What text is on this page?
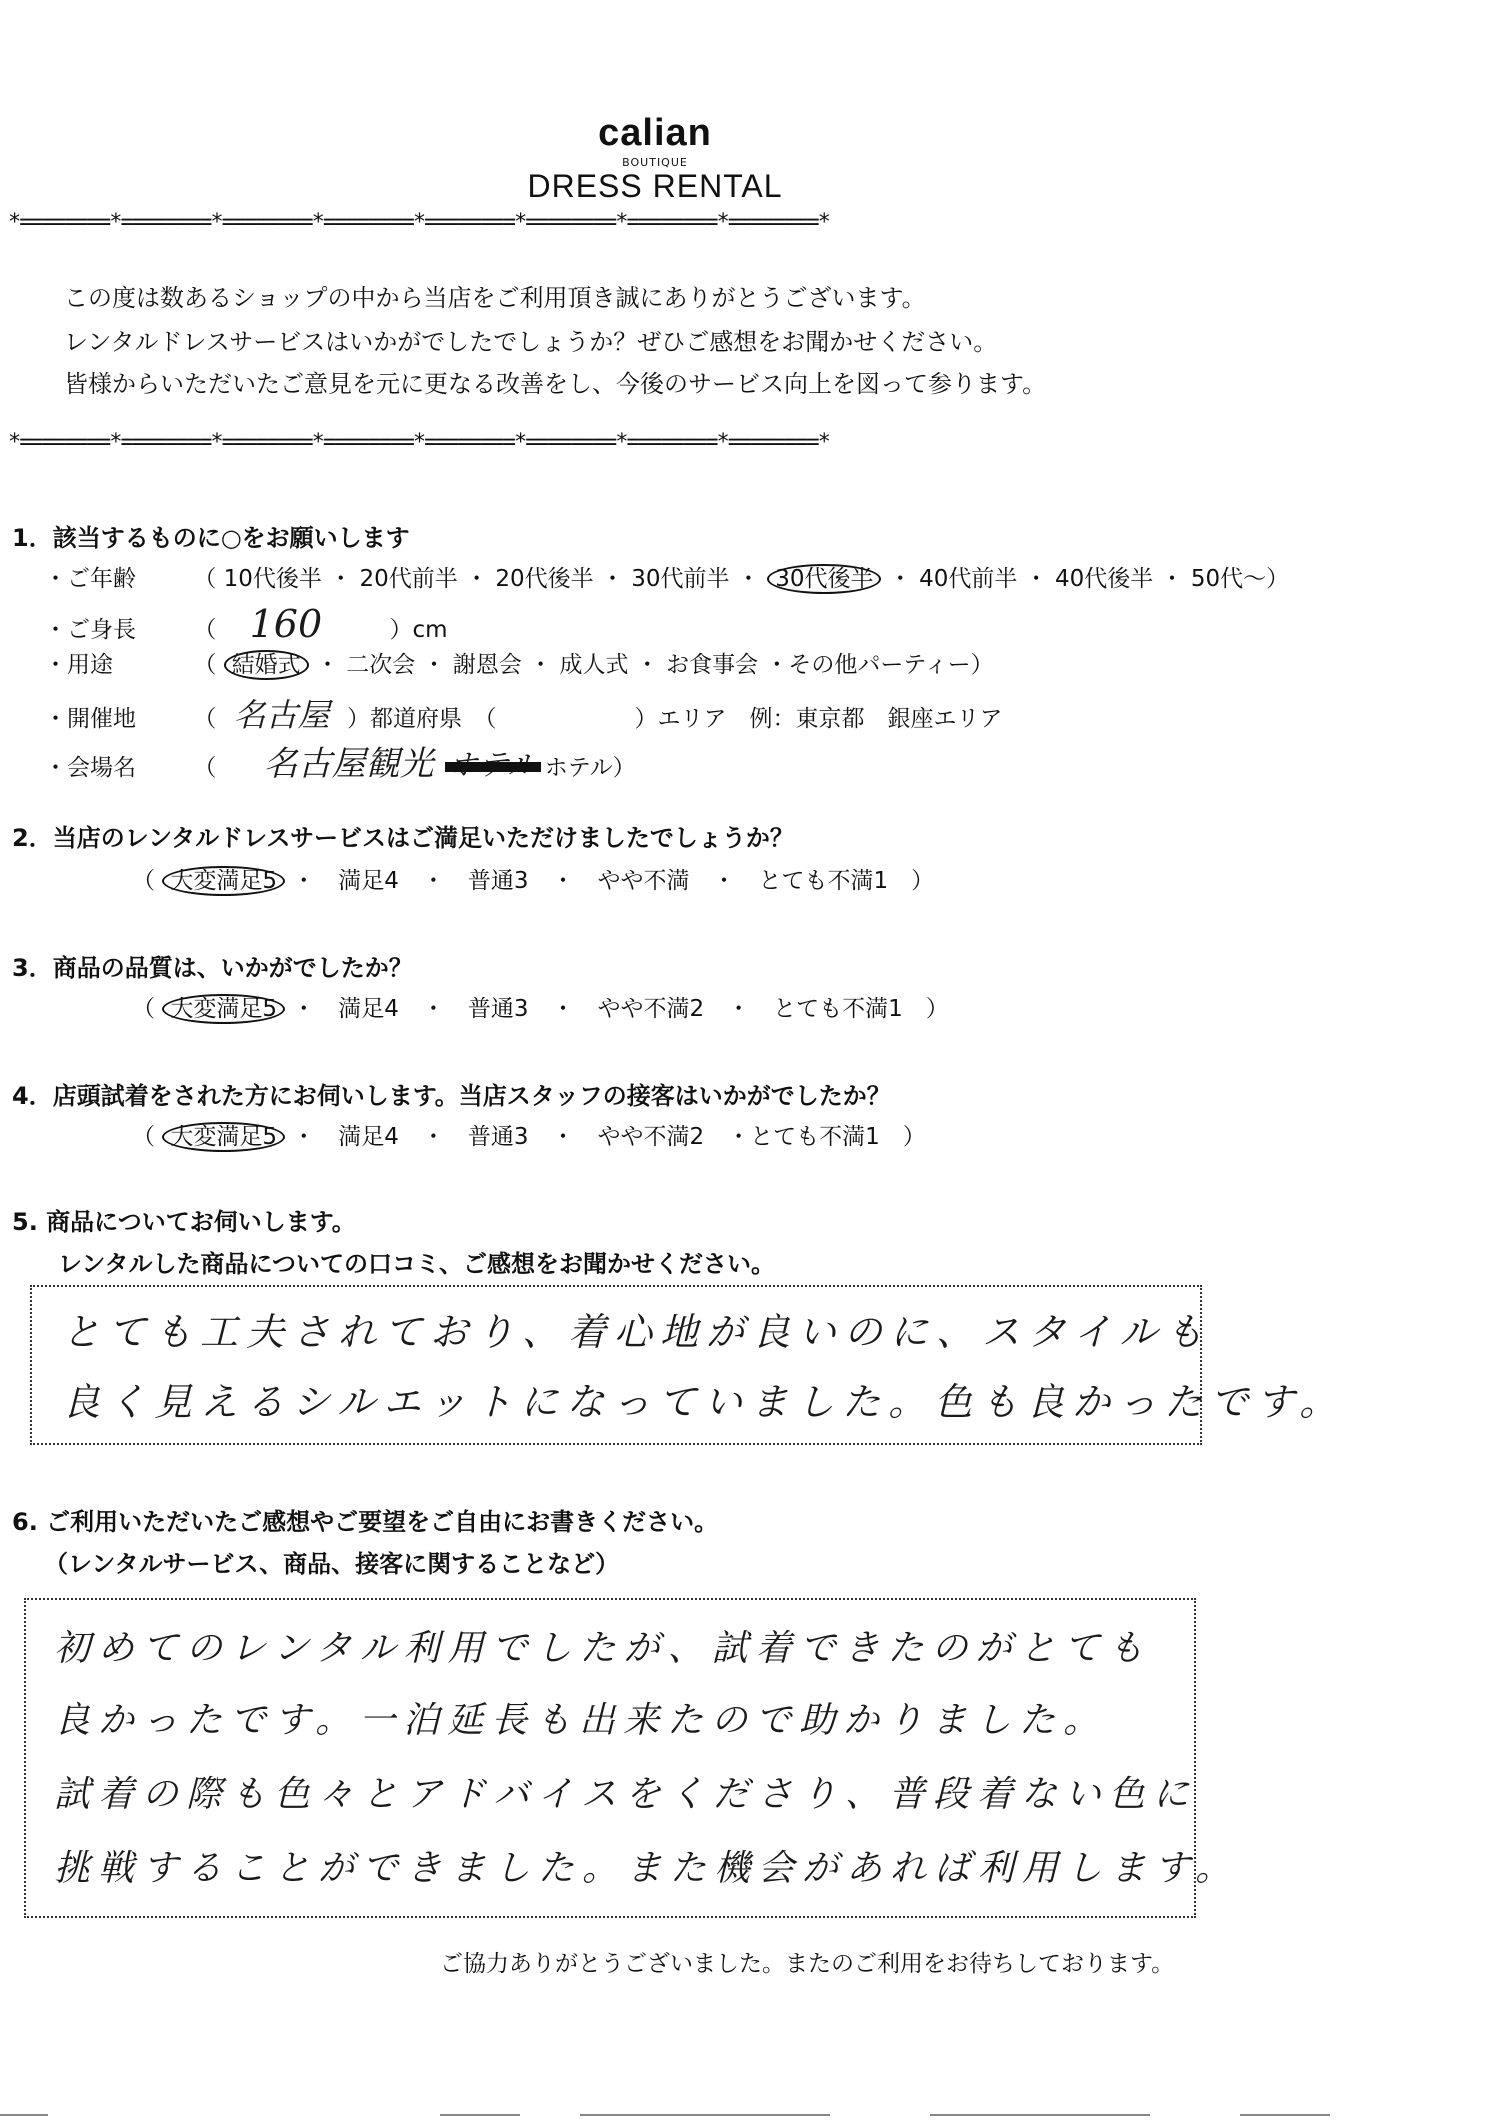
calian
BOUTIQUE
DRESS RENTAL
*========*========*========*========*========*========*========*========*
この度は数あるショップの中から当店をご利用頂き誠にありがとうございます。
レンタルドレスサービスはいかがでしたでしょうか？ぜひご感想をお聞かせください。
皆様からいただいたご意見を元に更なる改善をし、今後のサービス向上を図って参ります。
*========*========*========*========*========*========*========*========*
1．該当するものに○をお願いします
・ご年齢 （ 10代後半 ・ 20代前半 ・ 20代後半 ・ 30代前半 ・ 30代後半 ・ 40代前半 ・ 40代後半 ・ 50代～）
・ご身長 （ 160	）cm
・用途	（ 結婚式 ・ 二次会 ・ 謝恩会 ・ 成人式 ・ お食事会 ・その他パーティー）
・開催地 （ 名古屋 ）都道府県　（　　　　　　）エリア　例：東京都　銀座エリア
・会場名 （ 名古屋観光	ホテル）
2．当店のレンタルドレスサービスはご満足いただけましたでしょうか？
（ 大変満足5 ・　満足4　・　普通3　・　やや不満　・　とても不満1　）
3．商品の品質は、いかがでしたか？
（ 大変満足5 ・　満足4　・　普通3　・　やや不満2　・　とても不満1　）
4．店頭試着をされた方にお伺いします。当店スタッフの接客はいかがでしたか？
（ 大変満足5 ・　満足4　・　普通3　・　やや不満2　・とても不満1　）
5. 商品についてお伺いします。
レンタルした商品についての口コミ、ご感想をお聞かせください。
とても工夫されており、着心地が良いのに、スタイルも
良く見えるシルエットになっていました。色も良かったです。
6. ご利用いただいたご感想やご要望をご自由にお書きください。
（レンタルサービス、商品、接客に関することなど）
初めてのレンタル利用でしたが、試着できたのがとても
良かったです。一泊延長も出来たので助かりました。
試着の際も色々とアドバイスをくださり、普段着ない色に
挑戦することができました。また機会があれば利用します。
ご協力ありがとうございました。またのご利用をお待ちしております。
